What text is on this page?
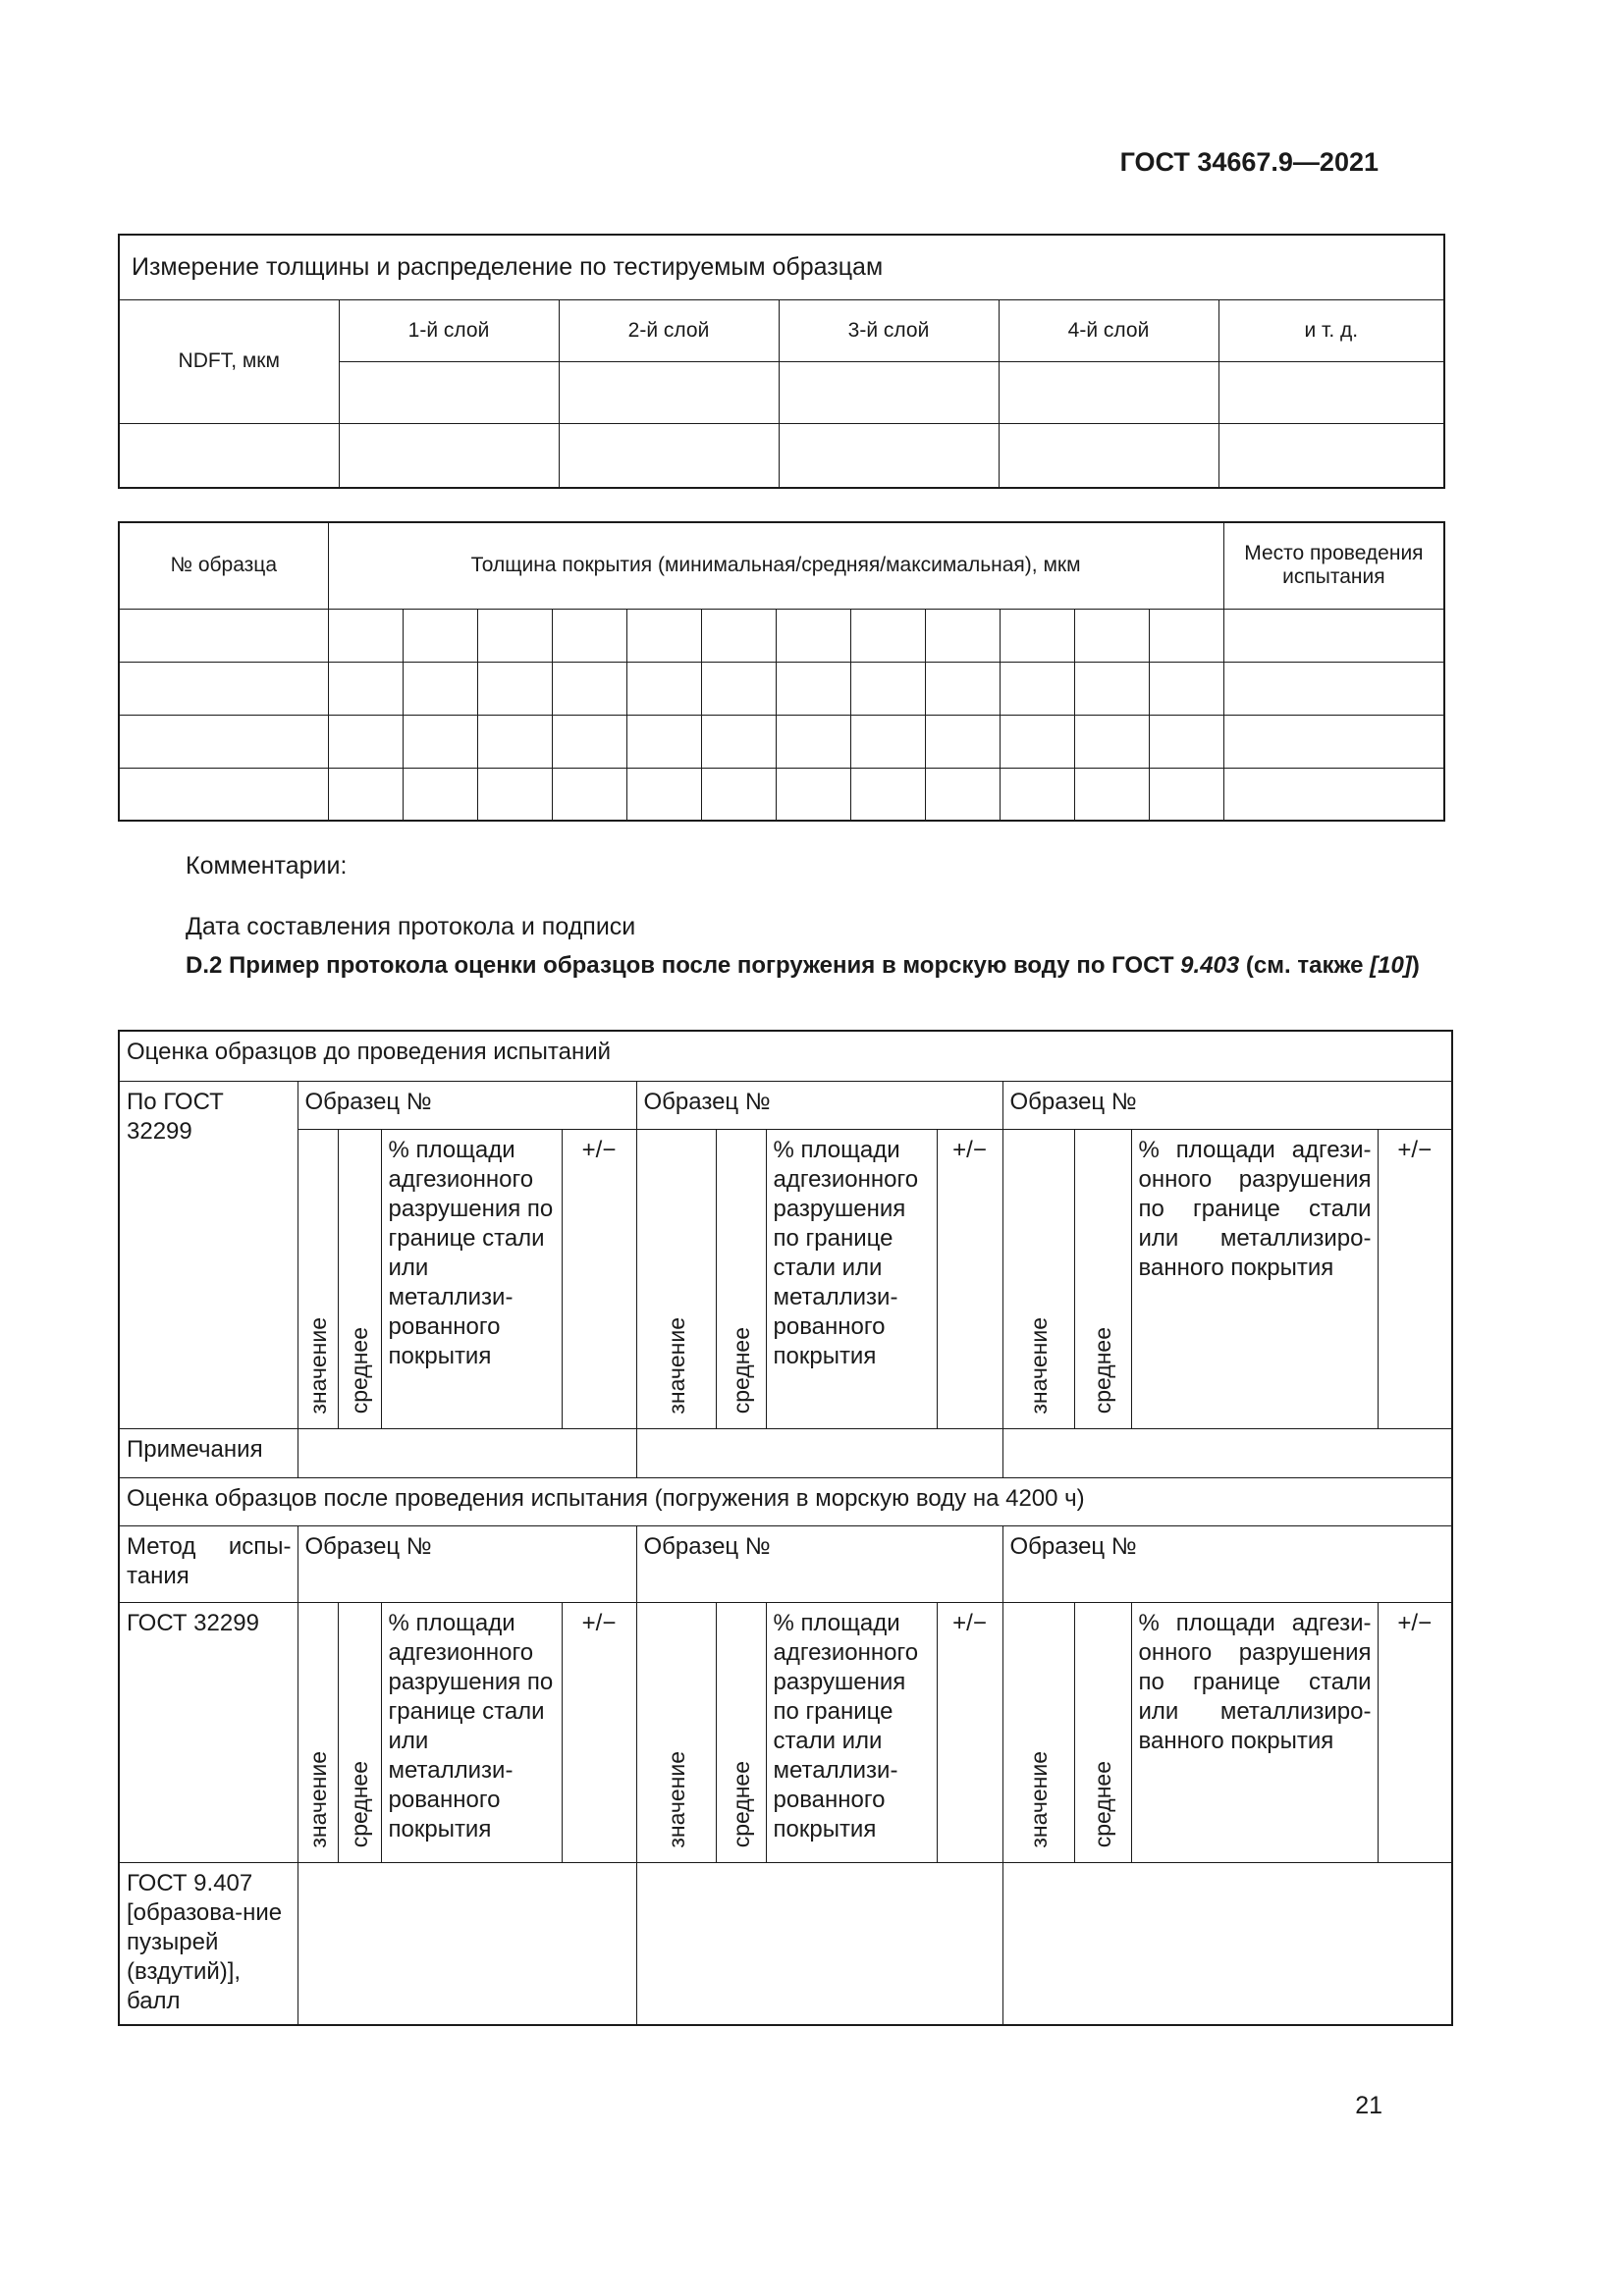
ГОСТ 34667.9—2021
Измерение толщины и распределение по тестируемым образцам					
NDFT, мкм	1-й слой	2-й слой	3-й слой	4-й слой	и т. д.

№ образца	Толщина покрытия (минимальная/средняя/максимальная), мкм												Место проведения испытания

Комментарии:
Дата составления протокола и подписи
D.2 Пример протокола оценки образцов после погружения в морскую воду по ГОСТ 9.403 (см. также [10])
Оценка образцов до проведения испытаний												
По ГОСТ 32299	Образец №				Образец №				Образец №			
	значение	среднее	% площади адгезионного разрушения по границе стали или металлизи-рованного покрытия	+/−	значение	среднее	% площади адгезионного разрушения по границе стали или металлизи-рованного покрытия	+/−	значение	среднее	% площади адгези-онного разрушения по границе стали или металлизиро-ванного покрытия	+/−
Примечания												
Оценка образцов после проведения испытания (погружения в морскую воду на 4200 ч)												
Метод испы-тания	Образец №				Образец №				Образец №			
ГОСТ 32299	значение	среднее	% площади адгезионного разрушения по границе стали или металлизи-рованного покрытия	+/−	значение	среднее	% площади адгезионного разрушения по границе стали или металлизи-рованного покрытия	+/−	значение	среднее	% площади адгези-онного разрушения по границе стали или металлизиро-ванного покрытия	+/−
ГОСТ 9.407 [образова-ние пузырей (вздутий)], балл												
21
